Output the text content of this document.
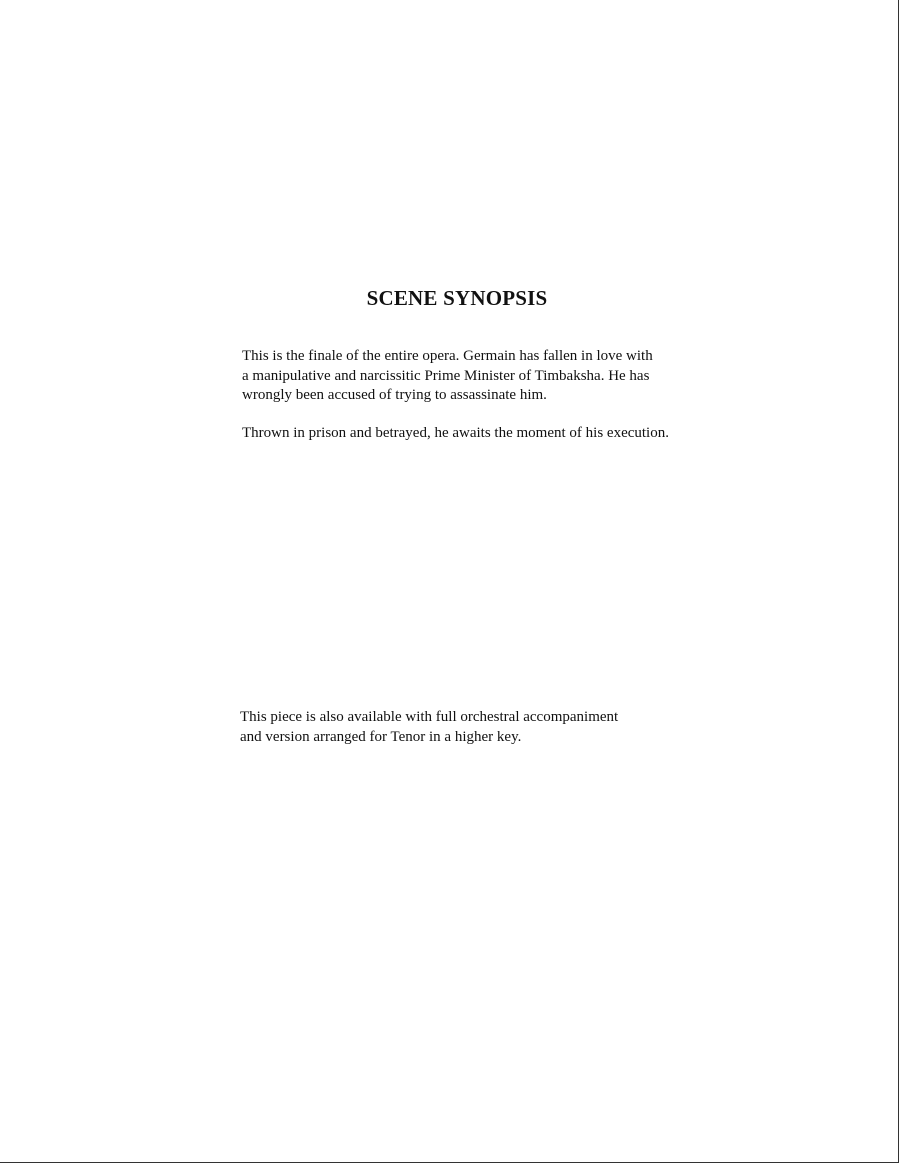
SCENE SYNOPSIS

This is the finale of the entire opera. Germain has fallen in love with
a manipulative and narcissitic Prime Minister of Timbaksha. He has
wrongly been accused of trying to assassinate him.

Thrown in prison and betrayed, he awaits the moment of his execution.

This piece is also available with full orchestral accompaniment
and version arranged for Tenor in a higher key.
